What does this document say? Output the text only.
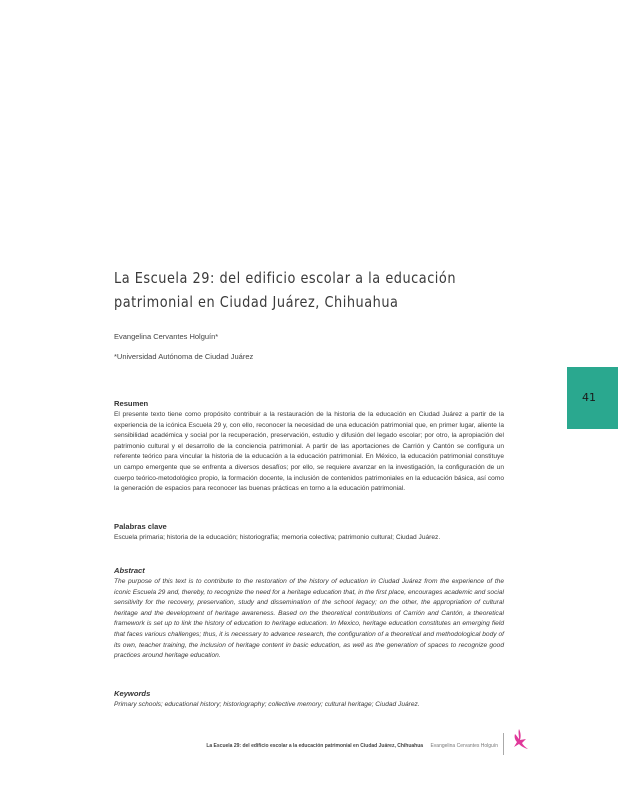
La Escuela 29: del edificio escolar a la educación
patrimonial en Ciudad Juárez, Chihuahua

Evangelina Cervantes Holguín*

*Universidad Autónoma de Ciudad Juárez

41
Resumen

El presente texto tiene como propósito contribuir a la restauración de la historia de la educación en Ciudad Juárez a partir de la experiencia de la icónica Escuela 29 y, con ello, reconocer la necesidad de una educación patrimonial que, en primer lugar, aliente la sensibilidad académica y social por la recuperación, preservación, estudio y difusión del legado escolar; por otro, la apropiación del patrimonio cultural y el desarrollo de la conciencia patrimonial. A partir de las aportaciones de Carrión y Cantón se configura un referente teórico para vincular la historia de la educación a la educación patrimonial. En México, la educación patrimonial constituye un campo emergente que se enfrenta a diversos desafíos; por ello, se requiere avanzar en la investigación, la configuración de un cuerpo teórico-metodológico propio, la formación docente, la inclusión de contenidos patrimoniales en la educación básica, así como la generación de espacios para reconocer las buenas prácticas en torno a la educación patrimonial.

Palabras clave

Escuela primaria; historia de la educación; historiografía; memoria colectiva; patrimonio cultural; Ciudad Juárez.

Abstract

The purpose of this text is to contribute to the restoration of the history of education in Ciudad Juárez from the experience of the iconic Escuela 29 and, thereby, to recognize the need for a heritage education that, in the first place, encourages academic and social sensitivity for the recovery, preservation, study and dissemination of the school legacy; on the other, the appropriation of cultural heritage and the development of heritage awareness. Based on the theoretical contributions of Carrión and Cantón, a theoretical framework is set up to link the history of education to heritage education. In Mexico, heritage education constitutes an emerging field that faces various challenges; thus, it is necessary to advance research, the configuration of a theoretical and methodological body of its own, teacher training, the inclusion of heritage content in basic education, as well as the generation of spaces to recognize good practices around heritage education.

Keywords

Primary schools; educational history; historiography; collective memory; cultural heritage; Ciudad Juárez.

La Escuela 29: del edificio escolar a la educación patrimonial en Ciudad Juárez, Chihuahua Evangelina Cervantes Holguín
